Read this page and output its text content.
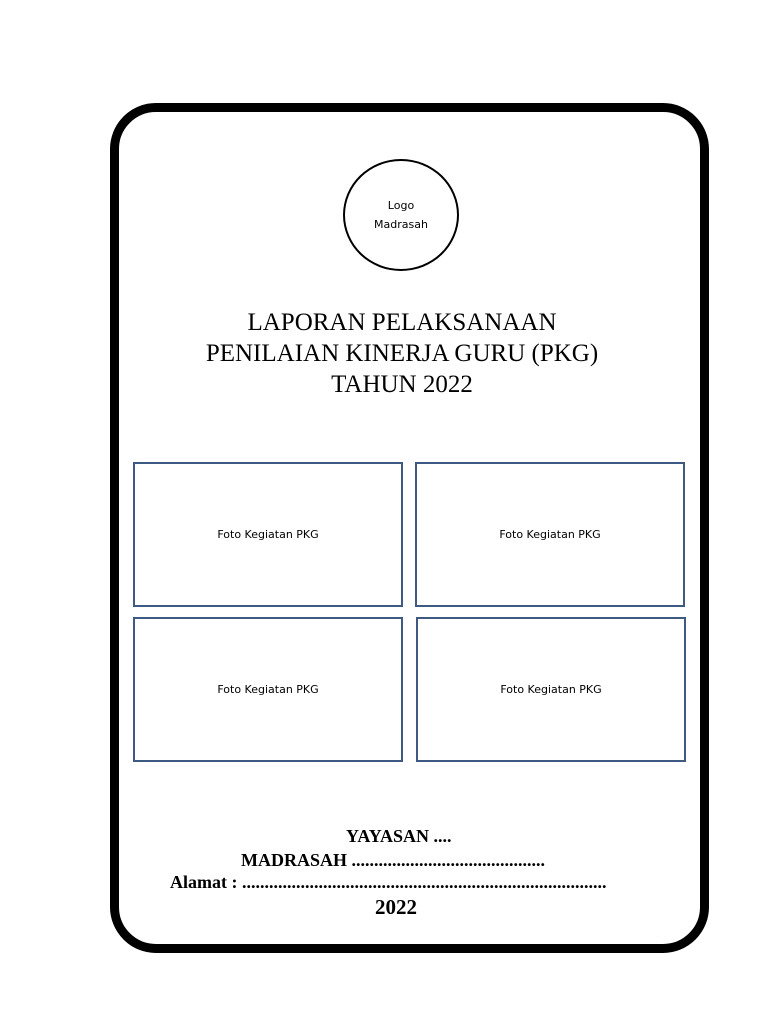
Logo
Madrasah
LAPORAN PELAKSANAAN
PENILAIAN KINERJA GURU (PKG)
TAHUN 2022
Foto Kegiatan PKG	Foto Kegiatan PKG
Foto Kegiatan PKG	Foto Kegiatan PKG
YAYASAN ....
MADRASAH ...........................................
Alamat : .................................................................................
2022
